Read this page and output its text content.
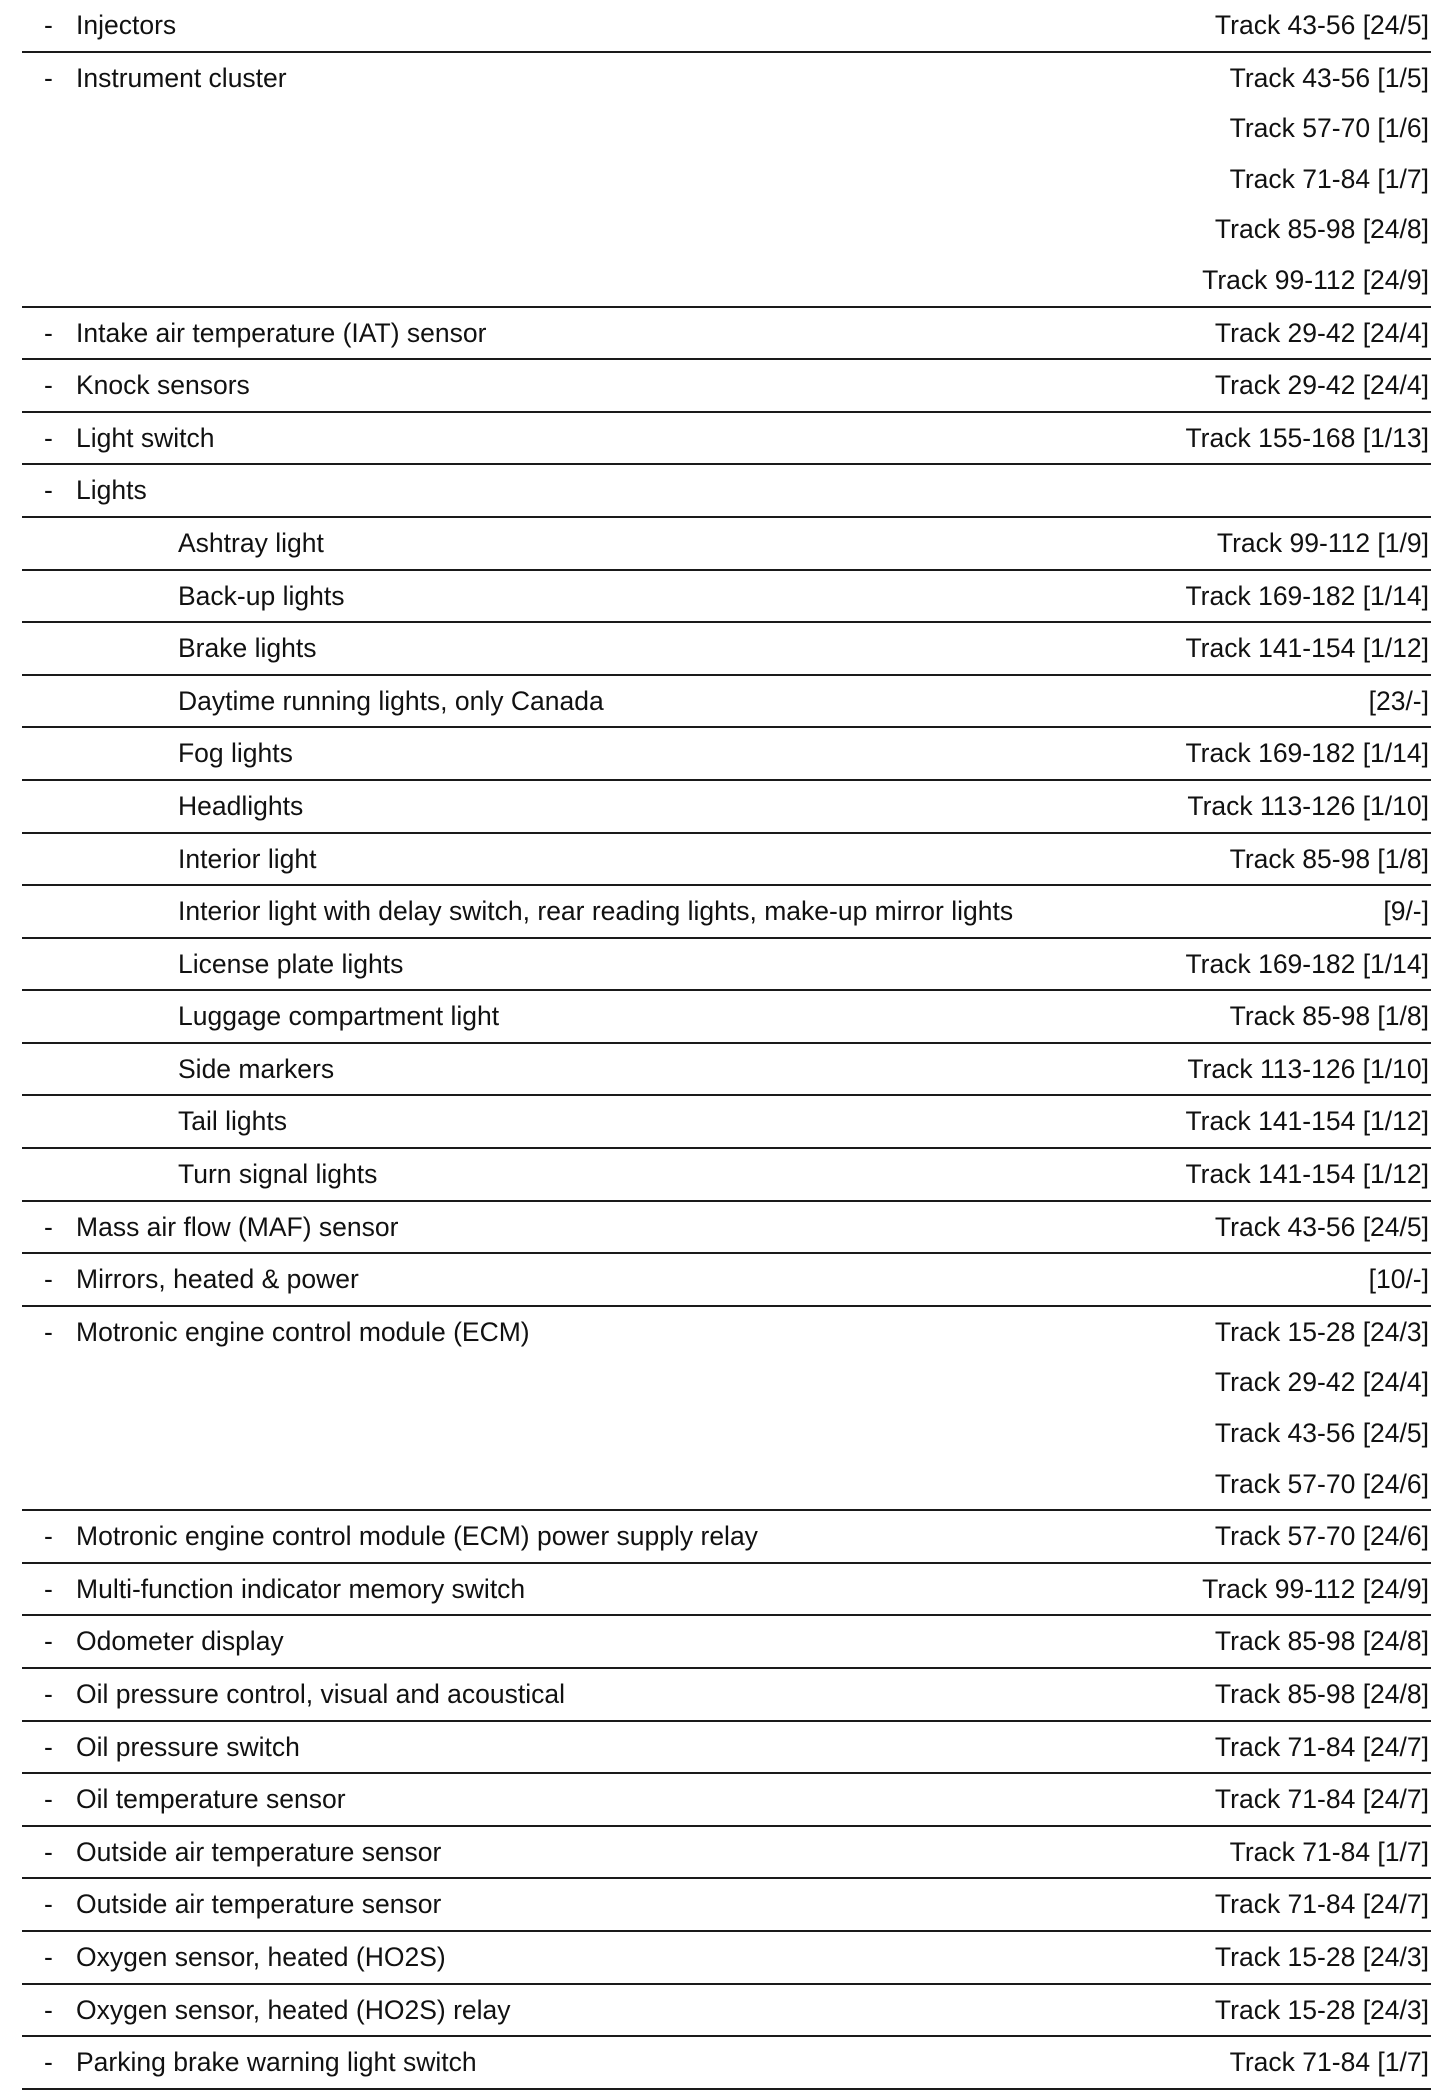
- Injectors	Track 43-56 [24/5]
- Instrument cluster	Track 43-56 [1/5]
Track 57-70 [1/6]
Track 71-84 [1/7]
Track 85-98 [24/8]
Track 99-112 [24/9]
- Intake air temperature (IAT) sensor	Track 29-42 [24/4]
- Knock sensors	Track 29-42 [24/4]
- Light switch	Track 155-168 [1/13]
- Lights
Ashtray light	Track 99-112 [1/9]
Back-up lights	Track 169-182 [1/14]
Brake lights	Track 141-154 [1/12]
Daytime running lights, only Canada	[23/-]
Fog lights	Track 169-182 [1/14]
Headlights	Track 113-126 [1/10]
Interior light	Track 85-98 [1/8]
Interior light with delay switch, rear reading lights, make-up mirror lights	[9/-]
License plate lights	Track 169-182 [1/14]
Luggage compartment light	Track 85-98 [1/8]
Side markers	Track 113-126 [1/10]
Tail lights	Track 141-154 [1/12]
Turn signal lights	Track 141-154 [1/12]
- Mass air flow (MAF) sensor	Track 43-56 [24/5]
- Mirrors, heated & power	[10/-]
- Motronic engine control module (ECM)	Track 15-28 [24/3]
Track 29-42 [24/4]
Track 43-56 [24/5]
Track 57-70 [24/6]
- Motronic engine control module (ECM) power supply relay	Track 57-70 [24/6]
- Multi-function indicator memory switch	Track 99-112 [24/9]
- Odometer display	Track 85-98 [24/8]
- Oil pressure control, visual and acoustical	Track 85-98 [24/8]
- Oil pressure switch	Track 71-84 [24/7]
- Oil temperature sensor	Track 71-84 [24/7]
- Outside air temperature sensor	Track 71-84 [1/7]
- Outside air temperature sensor	Track 71-84 [24/7]
- Oxygen sensor, heated (HO2S)	Track 15-28 [24/3]
- Oxygen sensor, heated (HO2S) relay	Track 15-28 [24/3]
- Parking brake warning light switch	Track 71-84 [1/7]
